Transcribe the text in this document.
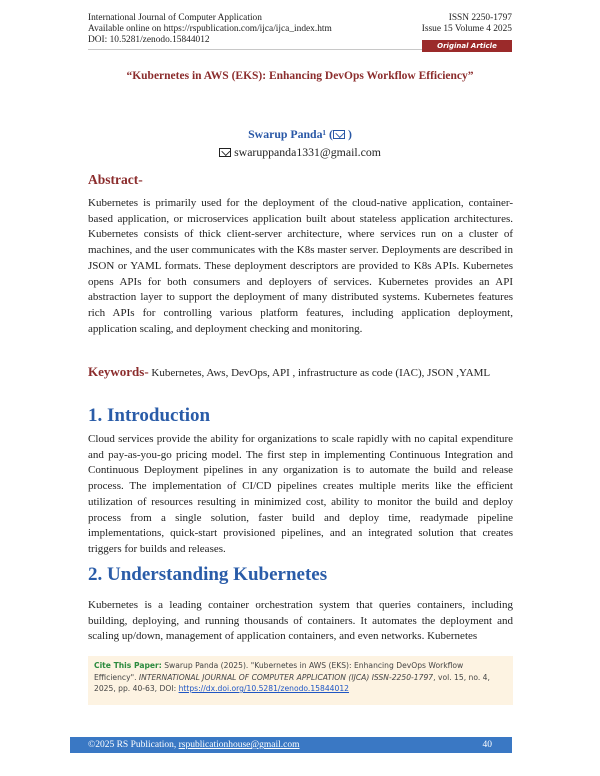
International Journal of Computer Application
Available online on https://rspublication.com/ijca/ijca_index.htm
DOI: 10.5281/zenodo.15844012
ISSN 2250-1797
Issue 15 Volume 4 2025
Original Article
“Kubernetes in AWS (EKS): Enhancing DevOps Workflow Efficiency”
Swarup Panda¹ ( )
swaruppanda1331@gmail.com
Abstract-
Kubernetes is primarily used for the deployment of the cloud-native application, container-based application, or microservices application built about stateless application architectures. Kubernetes consists of thick client-server architecture, where services run on a cluster of machines, and the user communicates with the K8s master server. Deployments are described in JSON or YAML formats. These deployment descriptors are provided to K8s APIs. Kubernetes opens APIs for both consumers and deployers of services. Kubernetes provides an API abstraction layer to support the deployment of many distributed systems. Kubernetes features rich APIs for controlling various platform features, including application deployment, application scaling, and deployment checking and monitoring.
Keywords- Kubernetes, Aws, DevOps, API , infrastructure as code (IAC), JSON ,YAML
1. Introduction
Cloud services provide the ability for organizations to scale rapidly with no capital expenditure and pay-as-you-go pricing model. The first step in implementing Continuous Integration and Continuous Deployment pipelines in any organization is to automate the build and release process. The implementation of CI/CD pipelines creates multiple merits like the efficient utilization of resources resulting in minimized cost, ability to monitor the build and deploy process from a single solution, faster build and deploy time, readymade pipeline implementations, quick-start provisioned pipelines, and an integrated solution that creates triggers for builds and releases.
2. Understanding Kubernetes
Kubernetes is a leading container orchestration system that queries containers, including building, deploying, and running thousands of containers. It automates the deployment and scaling up/down, management of application containers, and even networks. Kubernetes
Cite This Paper: Swarup Panda (2025). "Kubernetes in AWS (EKS): Enhancing DevOps Workflow Efficiency". INTERNATIONAL JOURNAL OF COMPUTER APPLICATION (IJCA) ISSN-2250-1797, vol. 15, no. 4, 2025, pp. 40-63, DOI: https://dx.doi.org/10.5281/zenodo.15844012
©2025 RS Publication, rspublicationhouse@gmail.com	40
